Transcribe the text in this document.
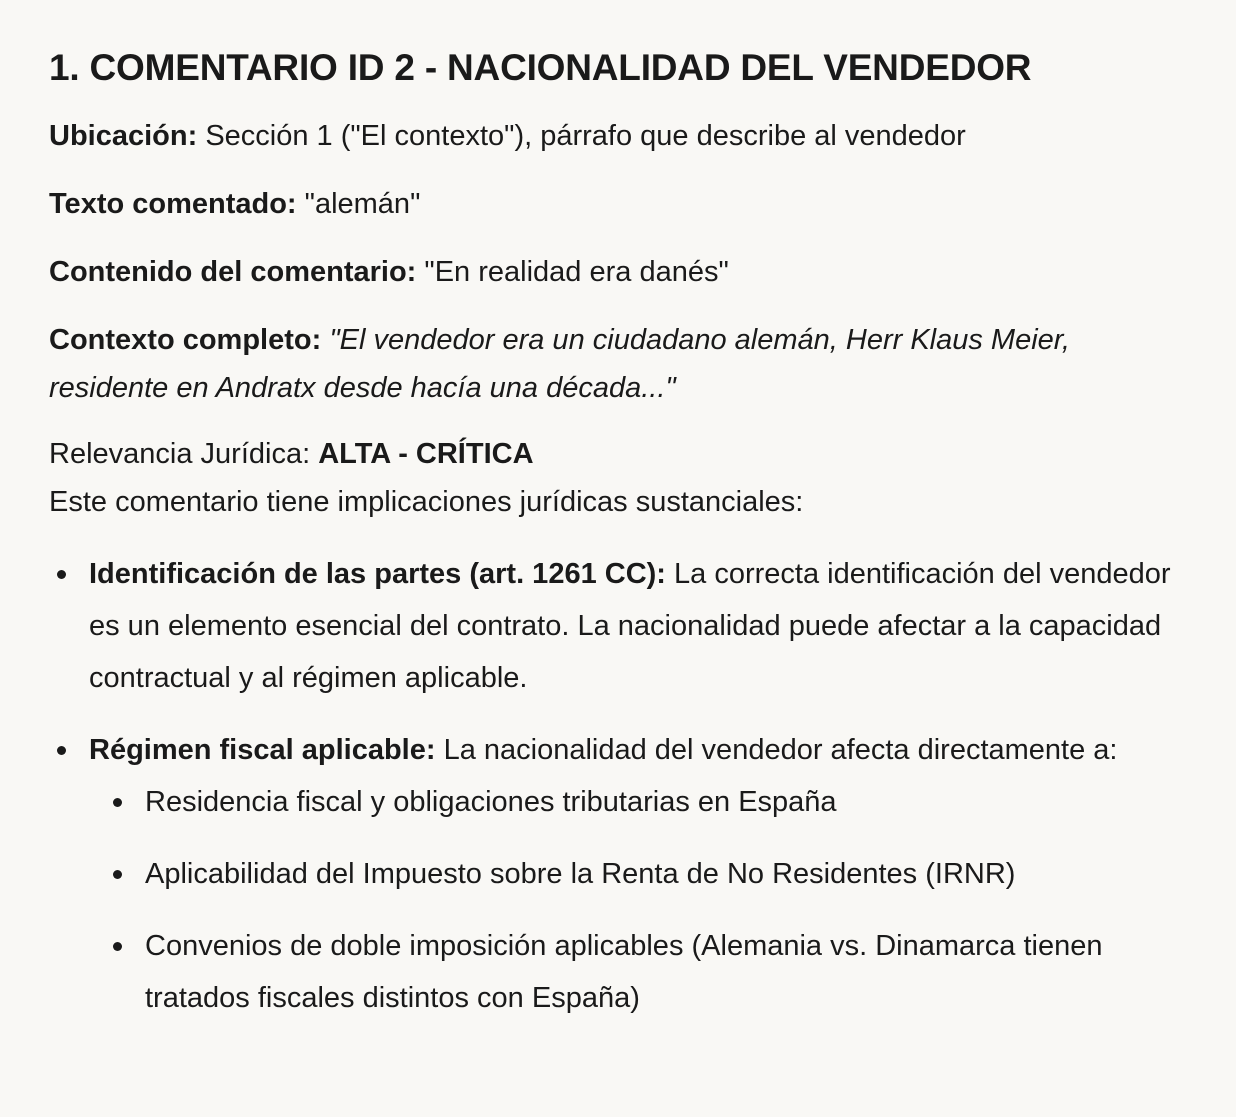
1. COMENTARIO ID 2 - NACIONALIDAD DEL VENDEDOR

Ubicación: Sección 1 ("El contexto"), párrafo que describe al vendedor

Texto comentado: "alemán"

Contenido del comentario: "En realidad era danés"

Contexto completo: "El vendedor era un ciudadano alemán, Herr Klaus Meier, residente en Andratx desde hacía una década..."

Relevancia Jurídica: ALTA - CRÍTICA

Este comentario tiene implicaciones jurídicas sustanciales:

Identificación de las partes (art. 1261 CC): La correcta identificación del vendedor es un elemento esencial del contrato. La nacionalidad puede afectar a la capacidad contractual y al régimen aplicable.
Régimen fiscal aplicable: La nacionalidad del vendedor afecta directamente a:
Residencia fiscal y obligaciones tributarias en España
Aplicabilidad del Impuesto sobre la Renta de No Residentes (IRNR)
Convenios de doble imposición aplicables (Alemania vs. Dinamarca tienen tratados fiscales distintos con España)
